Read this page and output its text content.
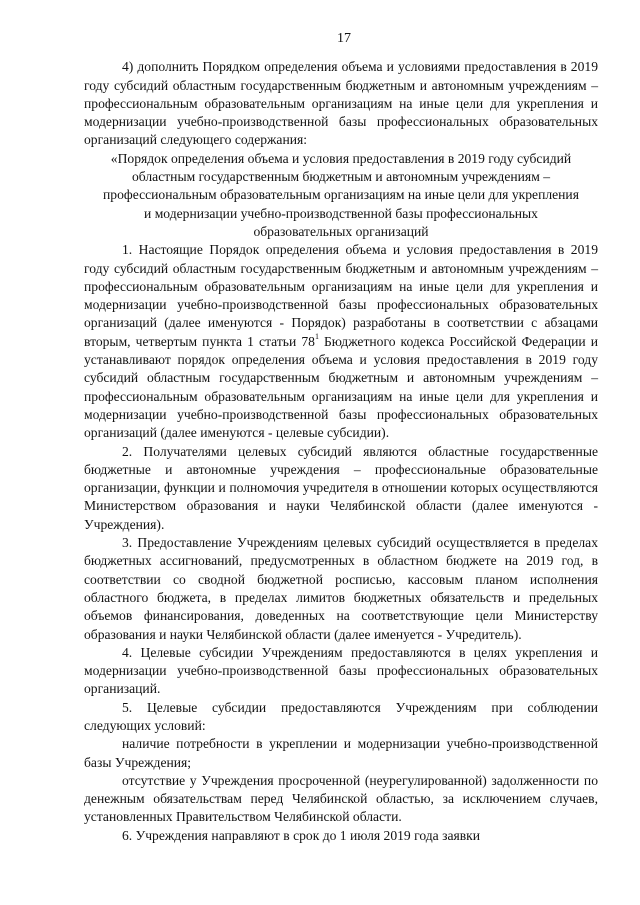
17

4) дополнить Порядком определения объема и условиями предоставления в 2019 году субсидий областным государственным бюджетным и автономным учреждениям – профессиональным образовательным организациям на иные цели для укрепления и модернизации учебно-производственной базы профессиональных образовательных организаций следующего содержания:

«Порядок определения объема и условия предоставления в 2019 году субсидий областным государственным бюджетным и автономным учреждениям – профессиональным образовательным организациям на иные цели для укрепления и модернизации учебно-производственной базы профессиональных образовательных организаций

1. Настоящие Порядок определения объема и условия предоставления в 2019 году субсидий областным государственным бюджетным и автономным учреждениям – профессиональным образовательным организациям на иные цели для укрепления и модернизации учебно-производственной базы профессиональных образовательных организаций (далее именуются - Порядок) разработаны в соответствии с абзацами вторым, четвертым пункта 1 статьи $78^1$ Бюджетного кодекса Российской Федерации и устанавливают порядок определения объема и условия предоставления в 2019 году субсидий областным государственным бюджетным и автономным учреждениям – профессиональным образовательным организациям на иные цели для укрепления и модернизации учебно-производственной базы профессиональных образовательных организаций (далее именуются - целевые субсидии).

2. Получателями целевых субсидий являются областные государственные бюджетные и автономные учреждения – профессиональные образовательные организации, функции и полномочия учредителя в отношении которых осуществляются Министерством образования и науки Челябинской области (далее именуются - Учреждения).

3. Предоставление Учреждениям целевых субсидий осуществляется в пределах бюджетных ассигнований, предусмотренных в областном бюджете на 2019 год, в соответствии со сводной бюджетной росписью, кассовым планом исполнения областного бюджета, в пределах лимитов бюджетных обязательств и предельных объемов финансирования, доведенных на соответствующие цели Министерству образования и науки Челябинской области (далее именуется - Учредитель).

4. Целевые субсидии Учреждениям предоставляются в целях укрепления и модернизации учебно-производственной базы профессиональных образовательных организаций.

5. Целевые субсидии предоставляются Учреждениям при соблюдении следующих условий:

наличие потребности в укреплении и модернизации учебно-производственной базы Учреждения;

отсутствие у Учреждения просроченной (неурегулированной) задолженности по денежным обязательствам перед Челябинской областью, за исключением случаев, установленных Правительством Челябинской области.

6. Учреждения направляют в срок до 1 июля 2019 года заявки
